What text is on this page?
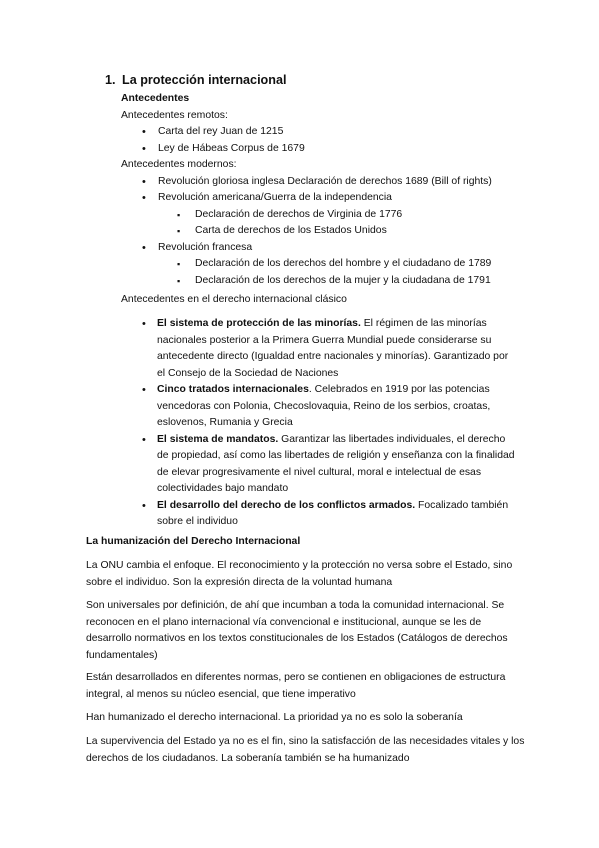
1. La protección internacional
Antecedentes
Antecedentes remotos:
• Carta del rey Juan de 1215
• Ley de Hábeas Corpus de 1679
Antecedentes modernos:
• Revolución gloriosa inglesa Declaración de derechos 1689 (Bill of rights)
• Revolución americana/Guerra de la independencia
▪ Declaración de derechos de Virginia de 1776
▪ Carta de derechos de los Estados Unidos
• Revolución francesa
▪ Declaración de los derechos del hombre y el ciudadano de 1789
▪ Declaración de los derechos de la mujer y la ciudadana de 1791
Antecedentes en el derecho internacional clásico
• El sistema de protección de las minorías. El régimen de las minorías nacionales posterior a la Primera Guerra Mundial puede considerarse su antecedente directo (Igualdad entre nacionales y minorías). Garantizado por el Consejo de la Sociedad de Naciones
• Cinco tratados internacionales. Celebrados en 1919 por las potencias vencedoras con Polonia, Checoslovaquia, Reino de los serbios, croatas, eslovenos, Rumania y Grecia
• El sistema de mandatos. Garantizar las libertades individuales, el derecho de propiedad, así como las libertades de religión y enseñanza con la finalidad de elevar progresivamente el nivel cultural, moral e intelectual de esas colectividades bajo mandato
• El desarrollo del derecho de los conflictos armados. Focalizado también sobre el individuo
La humanización del Derecho Internacional

La ONU cambia el enfoque. El reconocimiento y la protección no versa sobre el Estado, sino sobre el individuo. Son la expresión directa de la voluntad humana

Son universales por definición, de ahí que incumban a toda la comunidad internacional. Se reconocen en el plano internacional vía convencional e institucional, aunque se les de desarrollo normativos en los textos constitucionales de los Estados (Catálogos de derechos fundamentales)

Están desarrollados en diferentes normas, pero se contienen en obligaciones de estructura integral, al menos su núcleo esencial, que tiene imperativo

Han humanizado el derecho internacional. La prioridad ya no es solo la soberanía

La supervivencia del Estado ya no es el fin, sino la satisfacción de las necesidades vitales y los derechos de los ciudadanos. La soberanía también se ha humanizado
